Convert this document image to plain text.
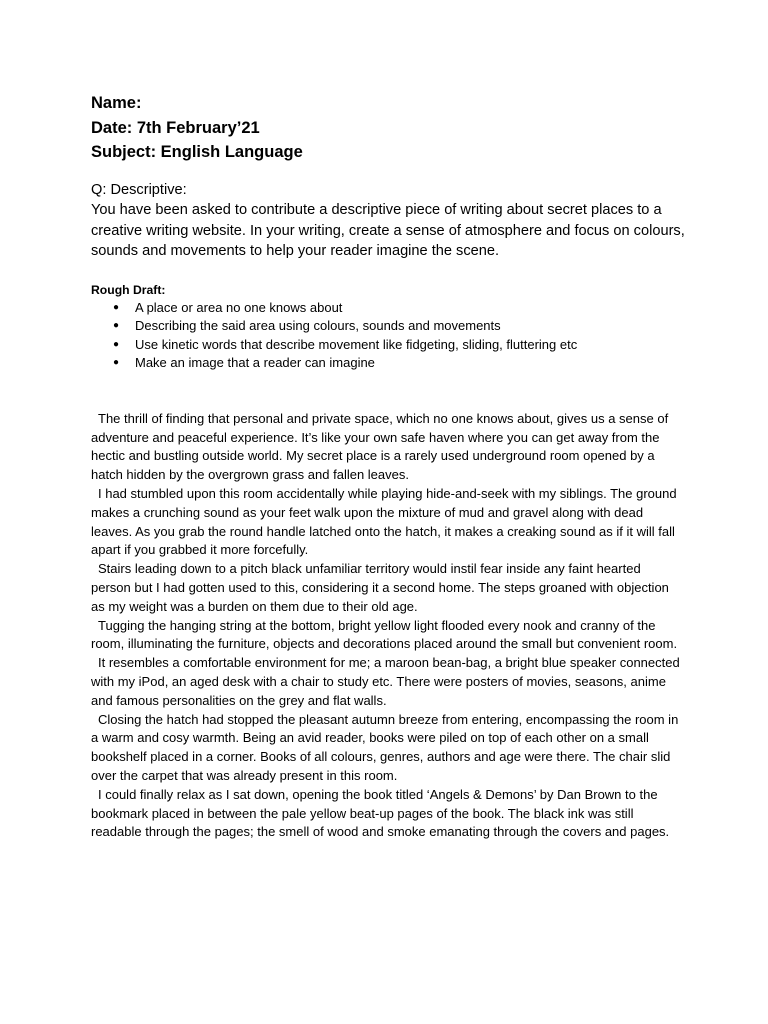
Name:

Date: 7th February’21

Subject: English Language

Q: Descriptive:

You have been asked to contribute a descriptive piece of writing about secret places to a creative writing website. In your writing, create a sense of atmosphere and focus on colours, sounds and movements to help your reader imagine the scene.

Rough Draft:
● A place or area no one knows about
● Describing the said area using colours, sounds and movements
● Use kinetic words that describe movement like fidgeting, sliding, fluttering etc
● Make an image that a reader can imagine

The thrill of finding that personal and private space, which no one knows about, gives us a sense of adventure and peaceful experience. It’s like your own safe haven where you can get away from the hectic and bustling outside world. My secret place is a rarely used underground room opened by a hatch hidden by the overgrown grass and fallen leaves.

I had stumbled upon this room accidentally while playing hide-and-seek with my siblings. The ground makes a crunching sound as your feet walk upon the mixture of mud and gravel along with dead leaves. As you grab the round handle latched onto the hatch, it makes a creaking sound as if it will fall apart if you grabbed it more forcefully.

Stairs leading down to a pitch black unfamiliar territory would instil fear inside any faint hearted person but I had gotten used to this, considering it a second home. The steps groaned with objection as my weight was a burden on them due to their old age.

Tugging the hanging string at the bottom, bright yellow light flooded every nook and cranny of the room, illuminating the furniture, objects and decorations placed around the small but convenient room.

It resembles a comfortable environment for me; a maroon bean-bag, a bright blue speaker connected with my iPod, an aged desk with a chair to study etc. There were posters of movies, seasons, anime and famous personalities on the grey and flat walls.

Closing the hatch had stopped the pleasant autumn breeze from entering, encompassing the room in a warm and cosy warmth. Being an avid reader, books were piled on top of each other on a small bookshelf placed in a corner. Books of all colours, genres, authors and age were there. The chair slid over the carpet that was already present in this room.

I could finally relax as I sat down, opening the book titled ‘Angels & Demons’ by Dan Brown to the bookmark placed in between the pale yellow beat-up pages of the book. The black ink was still readable through the pages; the smell of wood and smoke emanating through the covers and pages.
